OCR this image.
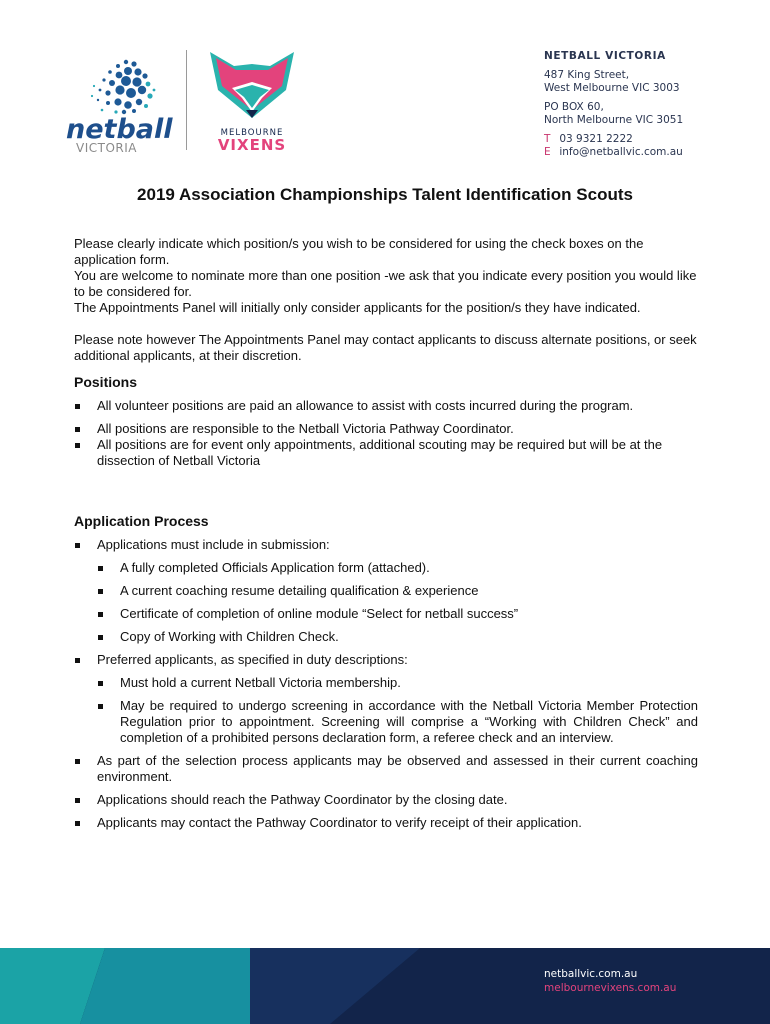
netball
VICTORIA
MELBOURNE
VIXENS
NETBALL VICTORIA
487 King Street,
West Melbourne VIC 3003
PO BOX 60,
North Melbourne VIC 3051
T 03 9321 2222
E info@netballvic.com.au
2019 Association Championships Talent Identification Scouts

Please clearly indicate which position/s you wish to be considered for using the check boxes on the application form.

You are welcome to nominate more than one position -we ask that you indicate every position you would like to be considered for.

The Appointments Panel will initially only consider applicants for the position/s they have indicated.

Please note however The Appointments Panel may contact applicants to discuss alternate positions, or seek additional applicants, at their discretion.

Positions
All volunteer positions are paid an allowance to assist with costs incurred during the program.
All positions are responsible to the Netball Victoria Pathway Coordinator.
All positions are for event only appointments, additional scouting may be required but will be at the dissection of Netball Victoria
Application Process
Applications must include in submission:
A fully completed Officials Application form (attached).
A current coaching resume detailing qualification & experience
Certificate of completion of online module “Select for netball success”
Copy of Working with Children Check.
Preferred applicants, as specified in duty descriptions:
Must hold a current Netball Victoria membership.
May be required to undergo screening in accordance with the Netball Victoria Member Protection Regulation prior to appointment. Screening will comprise a “Working with Children Check” and completion of a prohibited persons declaration form, a referee check and an interview.
As part of the selection process applicants may be observed and assessed in their current coaching environment.
Applications should reach the Pathway Coordinator by the closing date.
Applicants may contact the Pathway Coordinator to verify receipt of their application.
netballvic.com.au
melbournevixens.com.au
